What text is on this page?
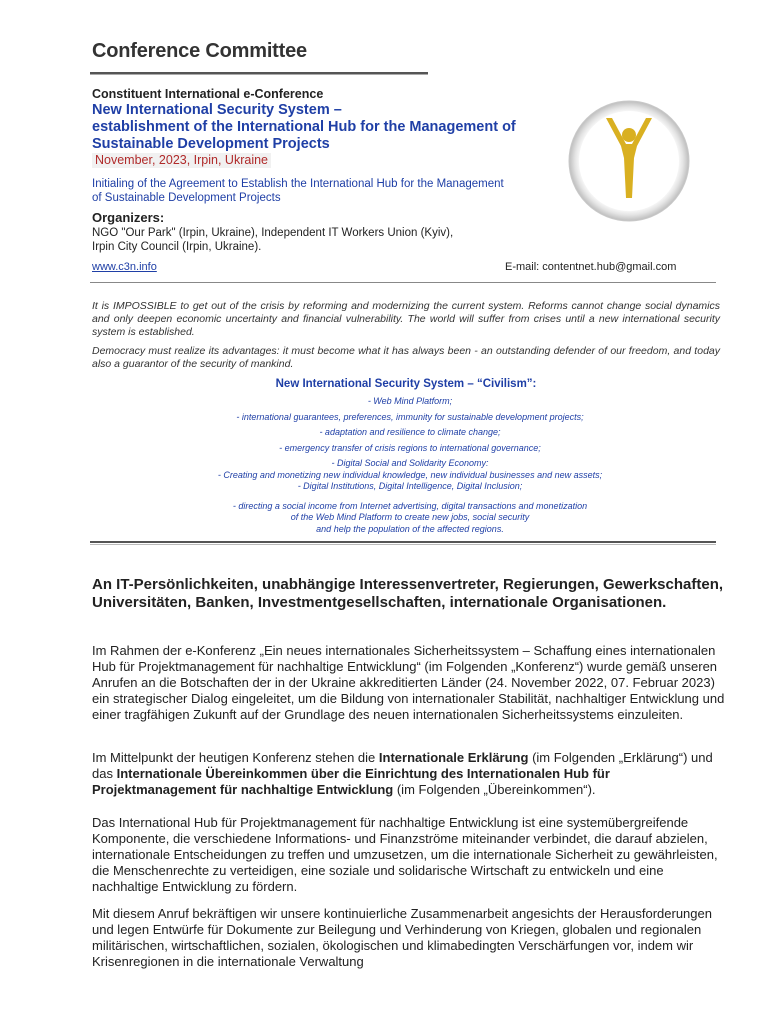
Conference Committee
Constituent International e-Conference
New International Security System –
establishment of the International Hub for the Management of
Sustainable Development Projects
November, 2023, Irpin, Ukraine
Initialing of the Agreement to Establish the International Hub for the Management
of Sustainable Development Projects
Organizers:
NGO "Our Park" (Irpin, Ukraine), Independent IT Workers Union (Kyiv),
Irpin City Council (Irpin, Ukraine).
www.c3n.info	E-mail: contentnet.hub@gmail.com
It is IMPOSSIBLE to get out of the crisis by reforming and modernizing the current system. Reforms cannot change social dynamics and only deepen economic uncertainty and financial vulnerability. The world will suffer from crises until a new international security system is established.
Democracy must realize its advantages: it must become what it has always been - an outstanding defender of our freedom, and today also a guarantor of the security of mankind.
New International Security System – “Civilism”:
- Web Mind Platform;
- international guarantees, preferences, immunity for sustainable development projects;
- adaptation and resilience to climate change;
- emergency transfer of crisis regions to international governance;
- Digital Social and Solidarity Economy:
- Creating and monetizing new individual knowledge, new individual businesses and new assets;
- Digital Institutions, Digital Intelligence, Digital Inclusion;
- directing a social income from Internet advertising, digital transactions and monetization
of the Web Mind Platform to create new jobs, social security
and help the population of the affected regions.
An IT-Persönlichkeiten, unabhängige Interessenvertreter, Regierungen, Gewerkschaften, Universitäten, Banken, Investmentgesellschaften, internationale Organisationen.
Im Rahmen der e-Konferenz „Ein neues internationales Sicherheitssystem – Schaffung eines internationalen Hub für Projektmanagement für nachhaltige Entwicklung“ (im Folgenden „Konferenz“) wurde gemäß unseren Anrufen an die Botschaften der in der Ukraine akkreditierten Länder (24. November 2022, 07. Februar 2023) ein strategischer Dialog eingeleitet, um die Bildung von internationaler Stabilität, nachhaltiger Entwicklung und einer tragfähigen Zukunft auf der Grundlage des neuen internationalen Sicherheitssystems einzuleiten.
Im Mittelpunkt der heutigen Konferenz stehen die Internationale Erklärung (im Folgenden „Erklärung“) und das Internationale Übereinkommen über die Einrichtung des Internationalen Hub für Projektmanagement für nachhaltige Entwicklung (im Folgenden „Übereinkommen“).
Das International Hub für Projektmanagement für nachhaltige Entwicklung ist eine systemübergreifende Komponente, die verschiedene Informations- und Finanzströme miteinander verbindet, die darauf abzielen, internationale Entscheidungen zu treffen und umzusetzen, um die internationale Sicherheit zu gewährleisten, die Menschenrechte zu verteidigen, eine soziale und solidarische Wirtschaft zu entwickeln und eine nachhaltige Entwicklung zu fördern.
Mit diesem Anruf bekräftigen wir unsere kontinuierliche Zusammenarbeit angesichts der Herausforderungen und legen Entwürfe für Dokumente zur Beilegung und Verhinderung von Kriegen, globalen und regionalen militärischen, wirtschaftlichen, sozialen, ökologischen und klimabedingten Verschärfungen vor, indem wir Krisenregionen in die internationale Verwaltung
